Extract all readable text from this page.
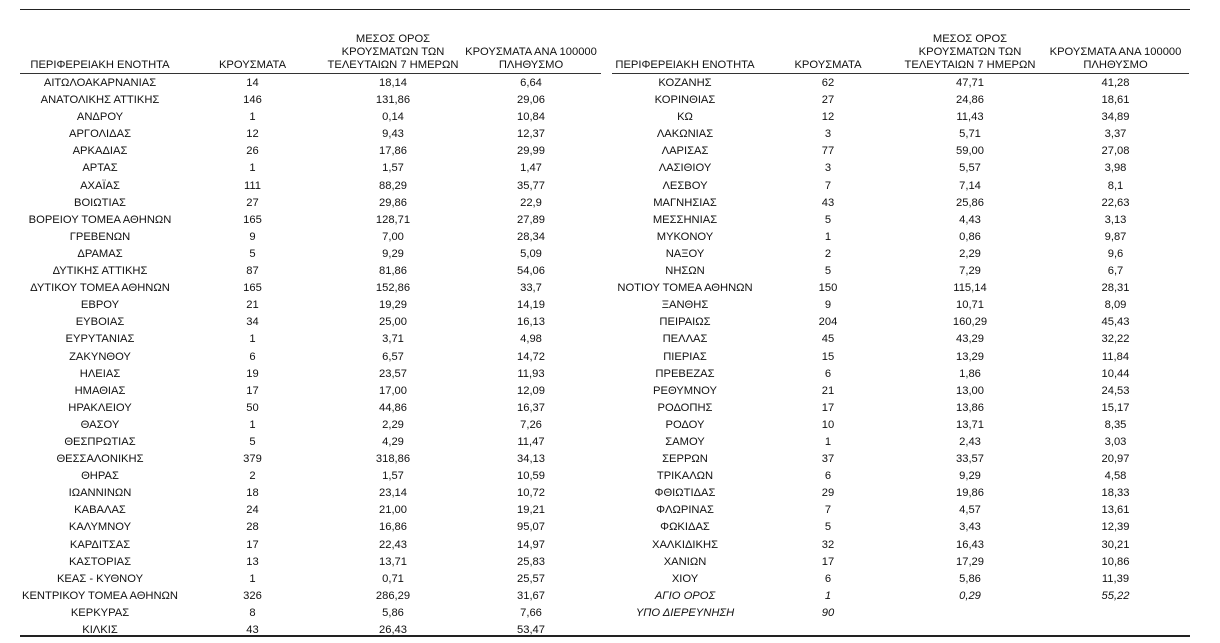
ΠΕΡΙΦΕΡΕΙΑΚΗ ΕΝΟΤΗΤΑ	ΚΡΟΥΣΜΑΤΑ	ΜΕΣΟΣ ΟΡΟΣ
ΚΡΟΥΣΜΑΤΩΝ ΤΩΝ
ΤΕΛΕΥΤΑΙΩΝ 7 ΗΜΕΡΩΝ	ΚΡΟΥΣΜΑΤΑ ΑΝΑ 100000
ΠΛΗΘΥΣΜΟ
ΑΙΤΩΛΟΑΚΑΡΝΑΝΙΑΣ	14	18,14	6,64
ΑΝΑΤΟΛΙΚΗΣ ΑΤΤΙΚΗΣ	146	131,86	29,06
ΑΝΔΡΟΥ	1	0,14	10,84
ΑΡΓΟΛΙΔΑΣ	12	9,43	12,37
ΑΡΚΑΔΙΑΣ	26	17,86	29,99
ΑΡΤΑΣ	1	1,57	1,47
ΑΧΑΪΑΣ	111	88,29	35,77
ΒΟΙΩΤΙΑΣ	27	29,86	22,9
ΒΟΡΕΙΟΥ ΤΟΜΕΑ ΑΘΗΝΩΝ	165	128,71	27,89
ΓΡΕΒΕΝΩΝ	9	7,00	28,34
ΔΡΑΜΑΣ	5	9,29	5,09
ΔΥΤΙΚΗΣ ΑΤΤΙΚΗΣ	87	81,86	54,06
ΔΥΤΙΚΟΥ ΤΟΜΕΑ ΑΘΗΝΩΝ	165	152,86	33,7
ΕΒΡΟΥ	21	19,29	14,19
ΕΥΒΟΙΑΣ	34	25,00	16,13
ΕΥΡΥΤΑΝΙΑΣ	1	3,71	4,98
ΖΑΚΥΝΘΟΥ	6	6,57	14,72
ΗΛΕΙΑΣ	19	23,57	11,93
ΗΜΑΘΙΑΣ	17	17,00	12,09
ΗΡΑΚΛΕΙΟΥ	50	44,86	16,37
ΘΑΣΟΥ	1	2,29	7,26
ΘΕΣΠΡΩΤΙΑΣ	5	4,29	11,47
ΘΕΣΣΑΛΟΝΙΚΗΣ	379	318,86	34,13
ΘΗΡΑΣ	2	1,57	10,59
ΙΩΑΝΝΙΝΩΝ	18	23,14	10,72
ΚΑΒΑΛΑΣ	24	21,00	19,21
ΚΑΛΥΜΝΟΥ	28	16,86	95,07
ΚΑΡΔΙΤΣΑΣ	17	22,43	14,97
ΚΑΣΤΟΡΙΑΣ	13	13,71	25,83
ΚΕΑΣ - ΚΥΘΝΟΥ	1	0,71	25,57
ΚΕΝΤΡΙΚΟΥ ΤΟΜΕΑ ΑΘΗΝΩΝ	326	286,29	31,67
ΚΕΡΚΥΡΑΣ	8	5,86	7,66
ΚΙΛΚΙΣ	43	26,43	53,47
ΠΕΡΙΦΕΡΕΙΑΚΗ ΕΝΟΤΗΤΑ	ΚΡΟΥΣΜΑΤΑ	ΜΕΣΟΣ ΟΡΟΣ
ΚΡΟΥΣΜΑΤΩΝ ΤΩΝ
ΤΕΛΕΥΤΑΙΩΝ 7 ΗΜΕΡΩΝ	ΚΡΟΥΣΜΑΤΑ ΑΝΑ 100000
ΠΛΗΘΥΣΜΟ
ΚΟΖΑΝΗΣ	62	47,71	41,28
ΚΟΡΙΝΘΙΑΣ	27	24,86	18,61
ΚΩ	12	11,43	34,89
ΛΑΚΩΝΙΑΣ	3	5,71	3,37
ΛΑΡΙΣΑΣ	77	59,00	27,08
ΛΑΣΙΘΙΟΥ	3	5,57	3,98
ΛΕΣΒΟΥ	7	7,14	8,1
ΜΑΓΝΗΣΙΑΣ	43	25,86	22,63
ΜΕΣΣΗΝΙΑΣ	5	4,43	3,13
ΜΥΚΟΝΟΥ	1	0,86	9,87
ΝΑΞΟΥ	2	2,29	9,6
ΝΗΣΩΝ	5	7,29	6,7
ΝΟΤΙΟΥ ΤΟΜΕΑ ΑΘΗΝΩΝ	150	115,14	28,31
ΞΑΝΘΗΣ	9	10,71	8,09
ΠΕΙΡΑΙΩΣ	204	160,29	45,43
ΠΕΛΛΑΣ	45	43,29	32,22
ΠΙΕΡΙΑΣ	15	13,29	11,84
ΠΡΕΒΕΖΑΣ	6	1,86	10,44
ΡΕΘΥΜΝΟΥ	21	13,00	24,53
ΡΟΔΟΠΗΣ	17	13,86	15,17
ΡΟΔΟΥ	10	13,71	8,35
ΣΑΜΟΥ	1	2,43	3,03
ΣΕΡΡΩΝ	37	33,57	20,97
ΤΡΙΚΑΛΩΝ	6	9,29	4,58
ΦΘΙΩΤΙΔΑΣ	29	19,86	18,33
ΦΛΩΡΙΝΑΣ	7	4,57	13,61
ΦΩΚΙΔΑΣ	5	3,43	12,39
ΧΑΛΚΙΔΙΚΗΣ	32	16,43	30,21
ΧΑΝΙΩΝ	17	17,29	10,86
ΧΙΟΥ	6	5,86	11,39
ΑΓΙΟ ΟΡΟΣ	1	0,29	55,22
ΥΠΟ ΔΙΕΡΕΥΝΗΣΗ	90		
